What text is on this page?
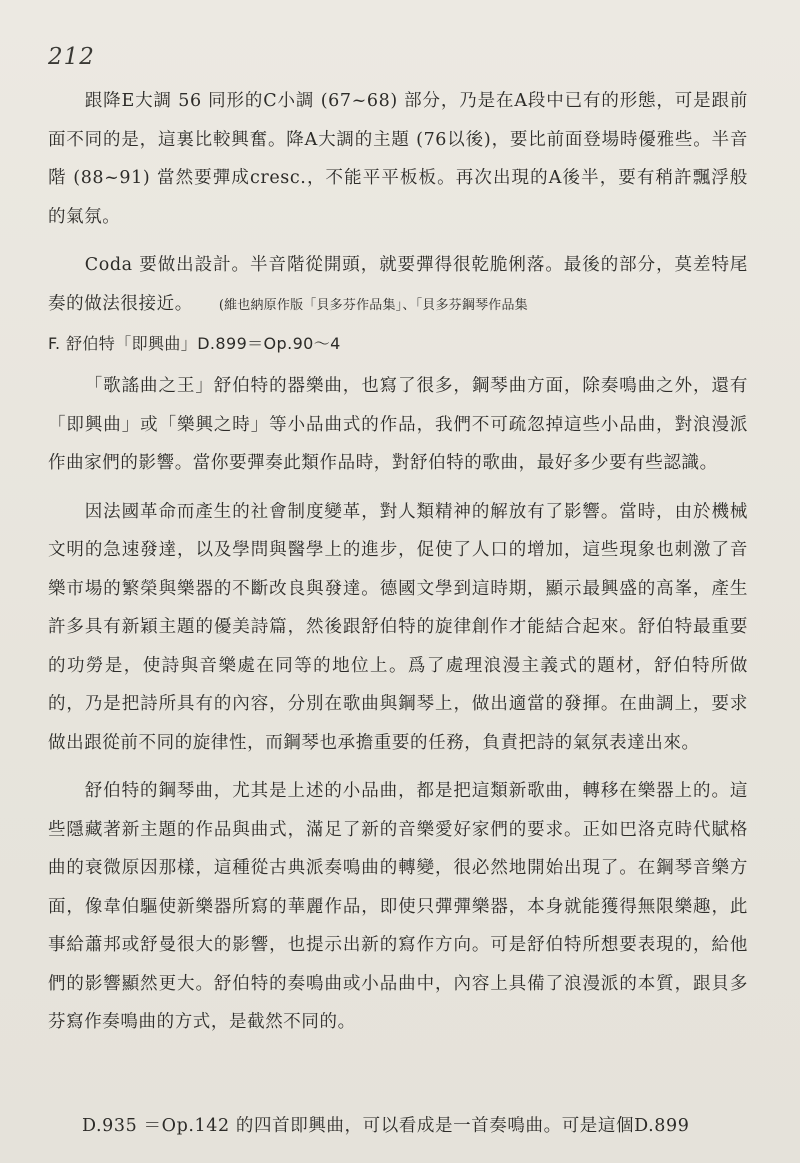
212

跟降E大調 56 同形的C小調 (67~68) 部分，乃是在A段中已有的形態，可是跟前面不同的是，這裏比較興奮。降A大調的主題 (76以後)，要比前面登場時優雅些。半音階 (88~91) 當然要彈成cresc.，不能平平板板。再次出現的A後半，要有稍許飄浮般的氣氛。

Coda 要做出設計。半音階從開頭，就要彈得很乾脆俐落。最後的部分，莫差特尾奏的做法很接近。 (維也納原作版「貝多芬作品集」、「貝多芬鋼琴作品集

F. 舒伯特「即興曲」D.899＝Op.90～4

「歌謠曲之王」舒伯特的器樂曲，也寫了很多，鋼琴曲方面，除奏鳴曲之外，還有「即興曲」或「樂興之時」等小品曲式的作品，我們不可疏忽掉這些小品曲，對浪漫派作曲家們的影響。當你要彈奏此類作品時，對舒伯特的歌曲，最好多少要有些認識。

因法國革命而產生的社會制度變革，對人類精神的解放有了影響。當時，由於機械文明的急速發達，以及學問與醫學上的進步，促使了人口的增加，這些現象也刺激了音樂市場的繁榮與樂器的不斷改良與發達。德國文學到這時期，顯示最興盛的高峯，產生許多具有新穎主題的優美詩篇，然後跟舒伯特的旋律創作才能結合起來。舒伯特最重要的功勞是，使詩與音樂處在同等的地位上。爲了處理浪漫主義式的題材，舒伯特所做的，乃是把詩所具有的內容，分別在歌曲與鋼琴上，做出適當的發揮。在曲調上，要求做出跟從前不同的旋律性，而鋼琴也承擔重要的任務，負責把詩的氣氛表達出來。

舒伯特的鋼琴曲，尤其是上述的小品曲，都是把這類新歌曲，轉移在樂器上的。這些隱藏著新主題的作品與曲式，滿足了新的音樂愛好家們的要求。正如巴洛克時代賦格曲的衰微原因那樣，這種從古典派奏鳴曲的轉變，很必然地開始出現了。在鋼琴音樂方面，像韋伯驅使新樂器所寫的華麗作品，即使只彈彈樂器，本身就能獲得無限樂趣，此事給蕭邦或舒曼很大的影響，也提示出新的寫作方向。可是舒伯特所想要表現的，給他們的影響顯然更大。舒伯特的奏鳴曲或小品曲中，內容上具備了浪漫派的本質，跟貝多芬寫作奏鳴曲的方式，是截然不同的。

D.935 ＝Op.142 的四首即興曲，可以看成是一首奏鳴曲。可是這個D.899
